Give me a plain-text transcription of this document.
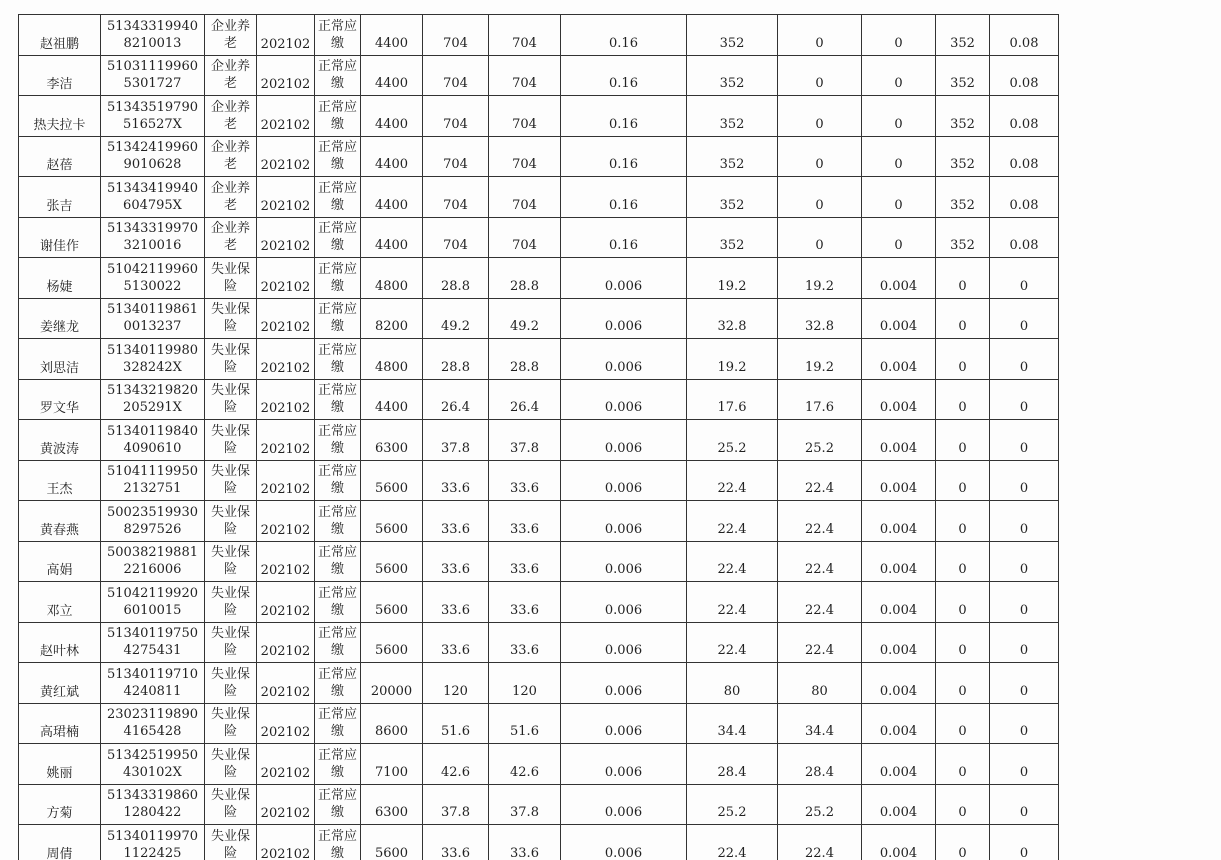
赵祖鹏	513433199408210013	企业养老	202102	正常应缴	4400	704	704	0.16	352	0	0	352	0.08
李洁	510311199605301727	企业养老	202102	正常应缴	4400	704	704	0.16	352	0	0	352	0.08
热夫拉卡	51343519790516527X	企业养老	202102	正常应缴	4400	704	704	0.16	352	0	0	352	0.08
赵蓓	513424199609010628	企业养老	202102	正常应缴	4400	704	704	0.16	352	0	0	352	0.08
张吉	51343419940604795X	企业养老	202102	正常应缴	4400	704	704	0.16	352	0	0	352	0.08
谢佳作	513433199703210016	企业养老	202102	正常应缴	4400	704	704	0.16	352	0	0	352	0.08
杨婕	510421199605130022	失业保险	202102	正常应缴	4800	28.8	28.8	0.006	19.2	19.2	0.004	0	0
姜继龙	513401198610013237	失业保险	202102	正常应缴	8200	49.2	49.2	0.006	32.8	32.8	0.004	0	0
刘思洁	51340119980328242X	失业保险	202102	正常应缴	4800	28.8	28.8	0.006	19.2	19.2	0.004	0	0
罗文华	51343219820205291X	失业保险	202102	正常应缴	4400	26.4	26.4	0.006	17.6	17.6	0.004	0	0
黄波涛	513401198404090610	失业保险	202102	正常应缴	6300	37.8	37.8	0.006	25.2	25.2	0.004	0	0
王杰	510411199502132751	失业保险	202102	正常应缴	5600	33.6	33.6	0.006	22.4	22.4	0.004	0	0
黄春燕	500235199308297526	失业保险	202102	正常应缴	5600	33.6	33.6	0.006	22.4	22.4	0.004	0	0
高娟	500382198812216006	失业保险	202102	正常应缴	5600	33.6	33.6	0.006	22.4	22.4	0.004	0	0
邓立	510421199206010015	失业保险	202102	正常应缴	5600	33.6	33.6	0.006	22.4	22.4	0.004	0	0
赵叶林	513401197504275431	失业保险	202102	正常应缴	5600	33.6	33.6	0.006	22.4	22.4	0.004	0	0
黄红斌	513401197104240811	失业保险	202102	正常应缴	20000	120	120	0.006	80	80	0.004	0	0
高珺楠	230231198904165428	失业保险	202102	正常应缴	8600	51.6	51.6	0.006	34.4	34.4	0.004	0	0
姚丽	51342519950430102X	失业保险	202102	正常应缴	7100	42.6	42.6	0.006	28.4	28.4	0.004	0	0
方菊	513433198601280422	失业保险	202102	正常应缴	6300	37.8	37.8	0.006	25.2	25.2	0.004	0	0
周倩	513401199701122425	失业保险	202102	正常应缴	5600	33.6	33.6	0.006	22.4	22.4	0.004	0	0
